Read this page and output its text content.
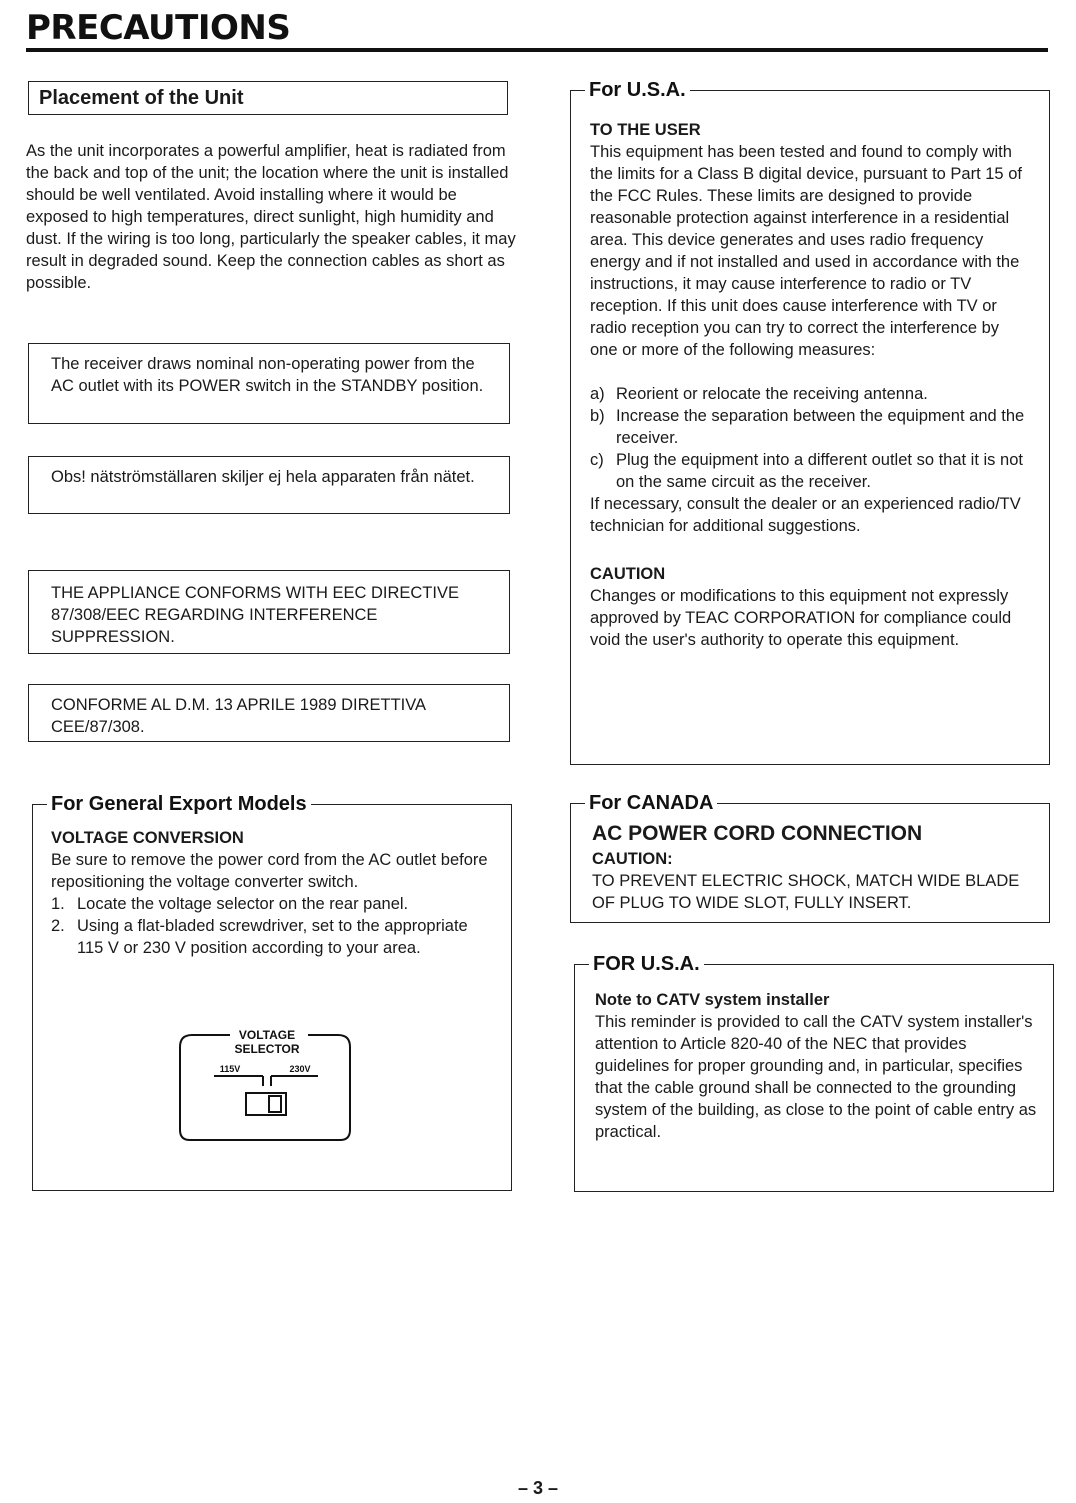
PRECAUTIONS
Placement of the Unit

As the unit incorporates a powerful amplifier, heat is radiated from the back and top of the unit; the location where the unit is installed should be well ventilated. Avoid installing where it would be exposed to high temperatures, direct sunlight, high humidity and dust. If the wiring is too long, particularly the speaker cables, it may result in degraded sound. Keep the connection cables as short as possible.

The receiver draws nominal non-operating power from the AC outlet with its POWER switch in the STANDBY position.
Obs! nätströmställaren skiljer ej hela apparaten från nätet.
THE APPLIANCE CONFORMS WITH EEC DIRECTIVE 87/308/EEC REGARDING INTERFERENCE SUPPRESSION.
CONFORME AL D.M. 13 APRILE 1989 DIRETTIVA CEE/87/308.
For General Export Models
VOLTAGE CONVERSION

Be sure to remove the power cord from the AC outlet before repositioning the voltage converter switch.

1. Locate the voltage selector on the rear panel.
2. Using a flat-bladed screwdriver, set to the appropriate 115 V or 230 V position according to your area.
VOLTAGE
SELECTOR
115V	230V
For U.S.A.
TO THE USER

This equipment has been tested and found to comply with the limits for a Class B digital device, pursuant to Part 15 of the FCC Rules. These limits are designed to provide reasonable protection against interference in a residential area. This device generates and uses radio frequency energy and if not installed and used in accordance with the instructions, it may cause interference to radio or TV reception. If this unit does cause interference with TV or radio reception you can try to correct the interference by one or more of the following measures:

a) Reorient or relocate the receiving antenna.
b) Increase the separation between the equipment and the receiver.
c) Plug the equipment into a different outlet so that it is not on the same circuit as the receiver.

If necessary, consult the dealer or an experienced radio/TV technician for additional suggestions.

CAUTION

Changes or modifications to this equipment not expressly approved by TEAC CORPORATION for compliance could void the user's authority to operate this equipment.

For CANADA
AC POWER CORD CONNECTION
CAUTION:

TO PREVENT ELECTRIC SHOCK, MATCH WIDE BLADE OF PLUG TO WIDE SLOT, FULLY INSERT.

FOR U.S.A.
Note to CATV system installer

This reminder is provided to call the CATV system installer's attention to Article 820-40 of the NEC that provides guidelines for proper grounding and, in particular, specifies that the cable ground shall be connected to the grounding system of the building, as close to the point of cable entry as practical.

– 3 –
